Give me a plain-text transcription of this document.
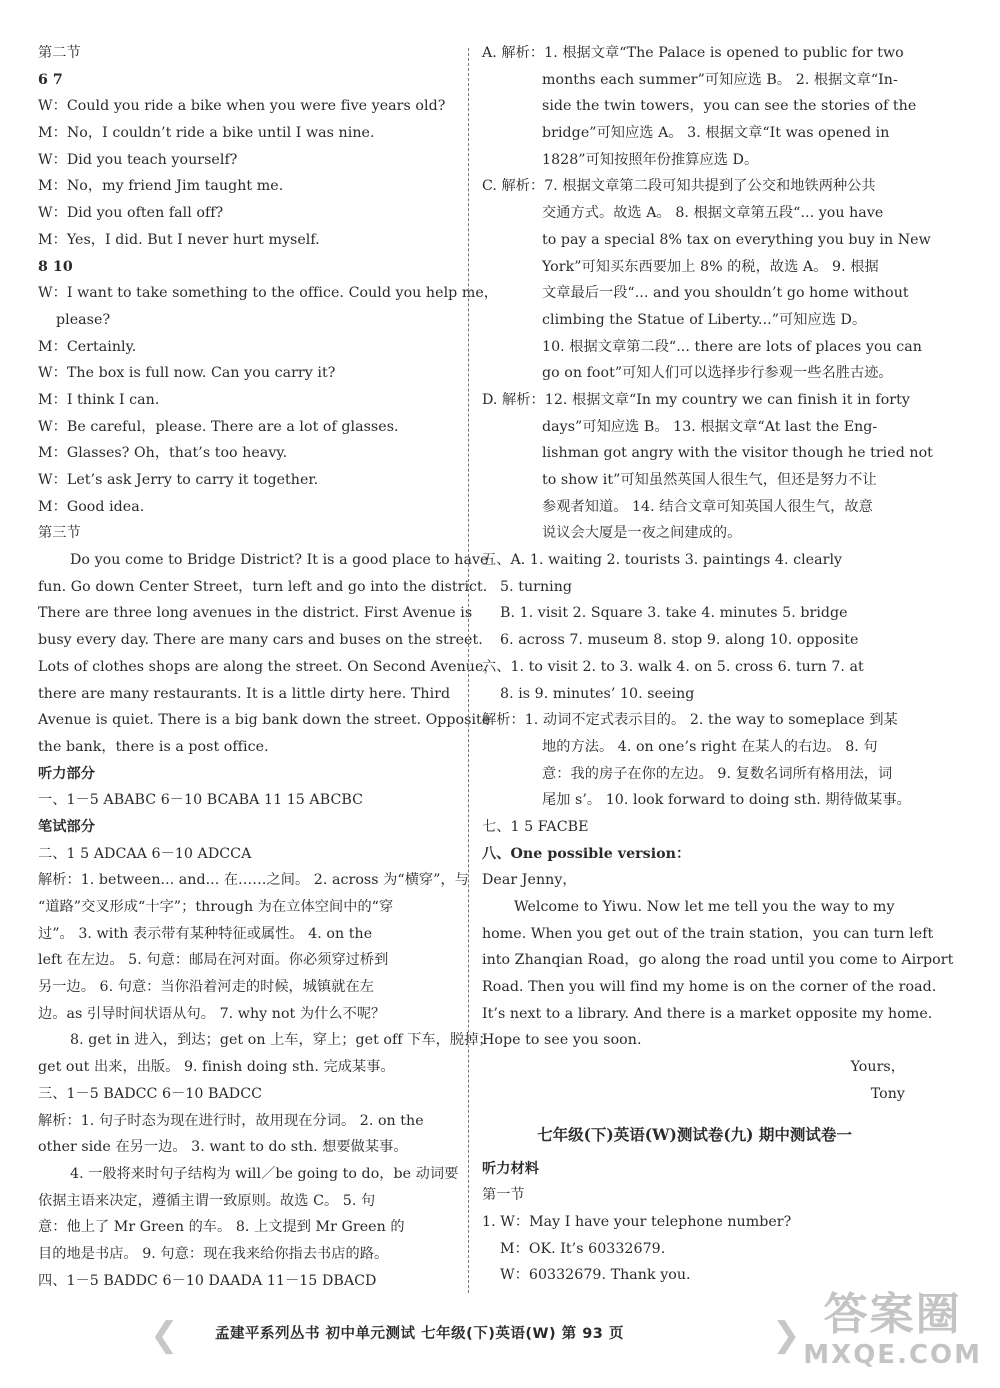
第二节
6 7
W：Could you ride a bike when you were five years old?
M：No，I couldn’t ride a bike until I was nine.
W：Did you teach yourself?
M：No，my friend Jim taught me.
W：Did you often fall off?
M：Yes，I did. But I never hurt myself.
8 10
W：I want to take something to the office. Could you help me，
please?
M：Certainly.
W：The box is full now. Can you carry it?
M：I think I can.
W：Be careful，please. There are a lot of glasses.
M：Glasses? Oh，that’s too heavy.
W：Let’s ask Jerry to carry it together.
M：Good idea.
第三节
Do you come to Bridge District? It is a good place to have
fun. Go down Center Street，turn left and go into the district.
There are three long avenues in the district. First Avenue is
busy every day. There are many cars and buses on the street.
Lots of clothes shops are along the street. On Second Avenue，
there are many restaurants. It is a little dirty here. Third
Avenue is quiet. There is a big bank down the street. Opposite
the bank，there is a post office.
听力部分
一、1－5 ABABC 6－10 BCABA 11 15 ABCBC
笔试部分
二、1 5 ADCAA 6－10 ADCCA
解析：1. between... and... 在……之间。 2. across 为“横穿”，与
“道路”交叉形成“十字”；through 为在立体空间中的“穿
过”。 3. with 表示带有某种特征或属性。 4. on the
left 在左边。 5. 句意：邮局在河对面。你必须穿过桥到
另一边。 6. 句意：当你沿着河走的时候，城镇就在左
边。as 引导时间状语从句。 7. why not 为什么不呢？
8. get in 进入，到达；get on 上车，穿上；get off 下车，脱掉；
get out 出来，出版。 9. finish doing sth. 完成某事。
三、1－5 BADCC 6－10 BADCC
解析：1. 句子时态为现在进行时，故用现在分词。 2. on the
other side 在另一边。 3. want to do sth. 想要做某事。
4. 一般将来时句子结构为 will／be going to do，be 动词要
依据主语来决定，遵循主谓一致原则。故选 C。 5. 句
意：他上了 Mr Green 的车。 8. 上文提到 Mr Green 的
目的地是书店。 9. 句意：现在我来给你指去书店的路。
四、1－5 BADDC 6－10 DAADA 11－15 DBACD
A. 解析：1. 根据文章“The Palace is opened to public for two
months each summer”可知应选 B。 2. 根据文章“In-
side the twin towers，you can see the stories of the
bridge”可知应选 A。 3. 根据文章“It was opened in
1828”可知按照年份推算应选 D。
C. 解析：7. 根据文章第二段可知共提到了公交和地铁两种公共
交通方式。故选 A。 8. 根据文章第五段“... you have
to pay a special 8% tax on everything you buy in New
York”可知买东西要加上 8% 的税，故选 A。 9. 根据
文章最后一段“... and you shouldn’t go home without
climbing the Statue of Liberty...”可知应选 D。
10. 根据文章第二段“... there are lots of places you can
go on foot”可知人们可以选择步行参观一些名胜古迹。
D. 解析：12. 根据文章“In my country we can finish it in forty
days”可知应选 B。 13. 根据文章“At last the Eng-
lishman got angry with the visitor though he tried not
to show it”可知虽然英国人很生气，但还是努力不让
参观者知道。 14. 结合文章可知英国人很生气，故意
说议会大厦是一夜之间建成的。
五、A. 1. waiting 2. tourists 3. paintings 4. clearly
5. turning
B. 1. visit 2. Square 3. take 4. minutes 5. bridge
6. across 7. museum 8. stop 9. along 10. opposite
六、1. to visit 2. to 3. walk 4. on 5. cross 6. turn 7. at
8. is 9. minutes’ 10. seeing
解析：1. 动词不定式表示目的。 2. the way to someplace 到某
地的方法。 4. on one’s right 在某人的右边。 8. 句
意：我的房子在你的左边。 9. 复数名词所有格用法，词
尾加 s’。 10. look forward to doing sth. 期待做某事。
七、1 5 FACBE
八、One possible version：
Dear Jenny，
Welcome to Yiwu. Now let me tell you the way to my
home. When you get out of the train station，you can turn left
into Zhanqian Road，go along the road until you come to Airport
Road. Then you will find my home is on the corner of the road.
It’s next to a library. And there is a market opposite my home.
Hope to see you soon.
Yours，
Tony
七年级(下)英语(W)测试卷(九) 期中测试卷一
听力材料
第一节
1. W：May I have your telephone number?
M：OK. It’s 60332679.
W：60332679. Thank you.
❮	孟建平系列丛书 初中单元测试 七年级(下)英语(W) 第 93 页	❯ 答案圈
MXQE.COM
